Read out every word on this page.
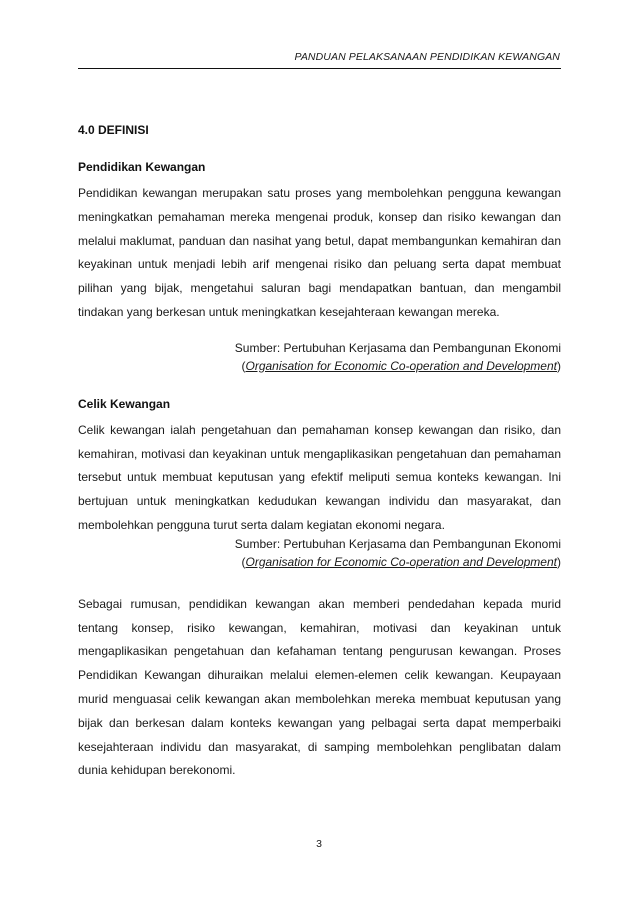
PANDUAN PELAKSANAAN PENDIDIKAN KEWANGAN
4.0 DEFINISI
Pendidikan Kewangan

Pendidikan kewangan merupakan satu proses yang membolehkan pengguna kewangan meningkatkan pemahaman mereka mengenai produk, konsep dan risiko kewangan dan melalui maklumat, panduan dan nasihat yang betul, dapat membangunkan kemahiran dan keyakinan untuk menjadi lebih arif mengenai risiko dan peluang serta dapat membuat pilihan yang bijak, mengetahui saluran bagi mendapatkan bantuan, dan mengambil tindakan yang berkesan untuk meningkatkan kesejahteraan kewangan mereka.

Sumber: Pertubuhan Kerjasama dan Pembangunan Ekonomi

(Organisation for Economic Co-operation and Development)

Celik Kewangan

Celik kewangan ialah pengetahuan dan pemahaman konsep kewangan dan risiko, dan kemahiran, motivasi dan keyakinan untuk mengaplikasikan pengetahuan dan pemahaman tersebut untuk membuat keputusan yang efektif meliputi semua konteks kewangan. Ini bertujuan untuk meningkatkan kedudukan kewangan individu dan masyarakat, dan membolehkan pengguna turut serta dalam kegiatan ekonomi negara.

Sumber: Pertubuhan Kerjasama dan Pembangunan Ekonomi

(Organisation for Economic Co-operation and Development)

Sebagai rumusan, pendidikan kewangan akan memberi pendedahan kepada murid tentang konsep, risiko kewangan, kemahiran, motivasi dan keyakinan untuk mengaplikasikan pengetahuan dan kefahaman tentang pengurusan kewangan. Proses Pendidikan Kewangan dihuraikan melalui elemen-elemen celik kewangan. Keupayaan murid menguasai celik kewangan akan membolehkan mereka membuat keputusan yang bijak dan berkesan dalam konteks kewangan yang pelbagai serta dapat memperbaiki kesejahteraan individu dan masyarakat, di samping membolehkan penglibatan dalam dunia kehidupan berekonomi.

3
